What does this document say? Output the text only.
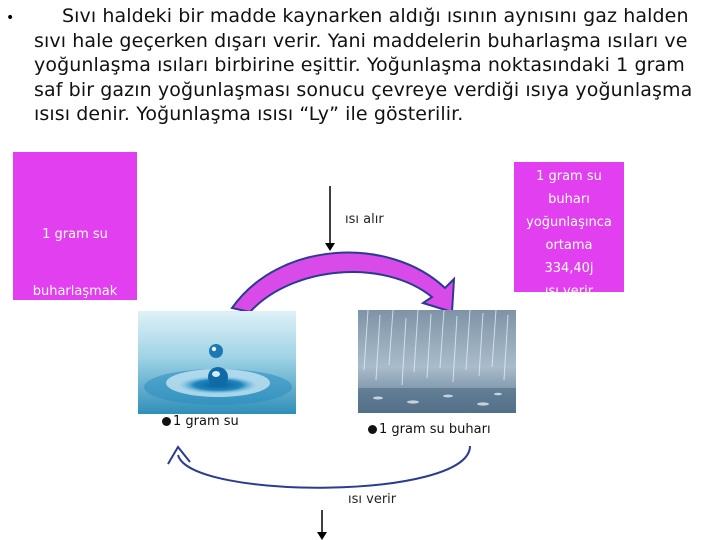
•	Sıvı haldeki bir madde kaynarken aldığı ısının aynısını gaz halden sıvı hale geçerken dışarı verir. Yani maddelerin buharlaşma ısıları ve yoğunlaşma ısıları birbirine eşittir. Yoğunlaşma noktasındaki 1 gram saf bir gazın yoğunlaşması sonucu çevreye verdiği ısıya yoğunlaşma ısısı denir. Yoğunlaşma ısısı “Ly” ile gösterilir.

1 gram su
buharlaşmak
için 334,40j
ısı alır.
1 gram su
buharı
yoğunlaşınca
ortama
334,40j
ısı verir
ısı alır
1 gram su
1 gram su buharı
ısı verir
